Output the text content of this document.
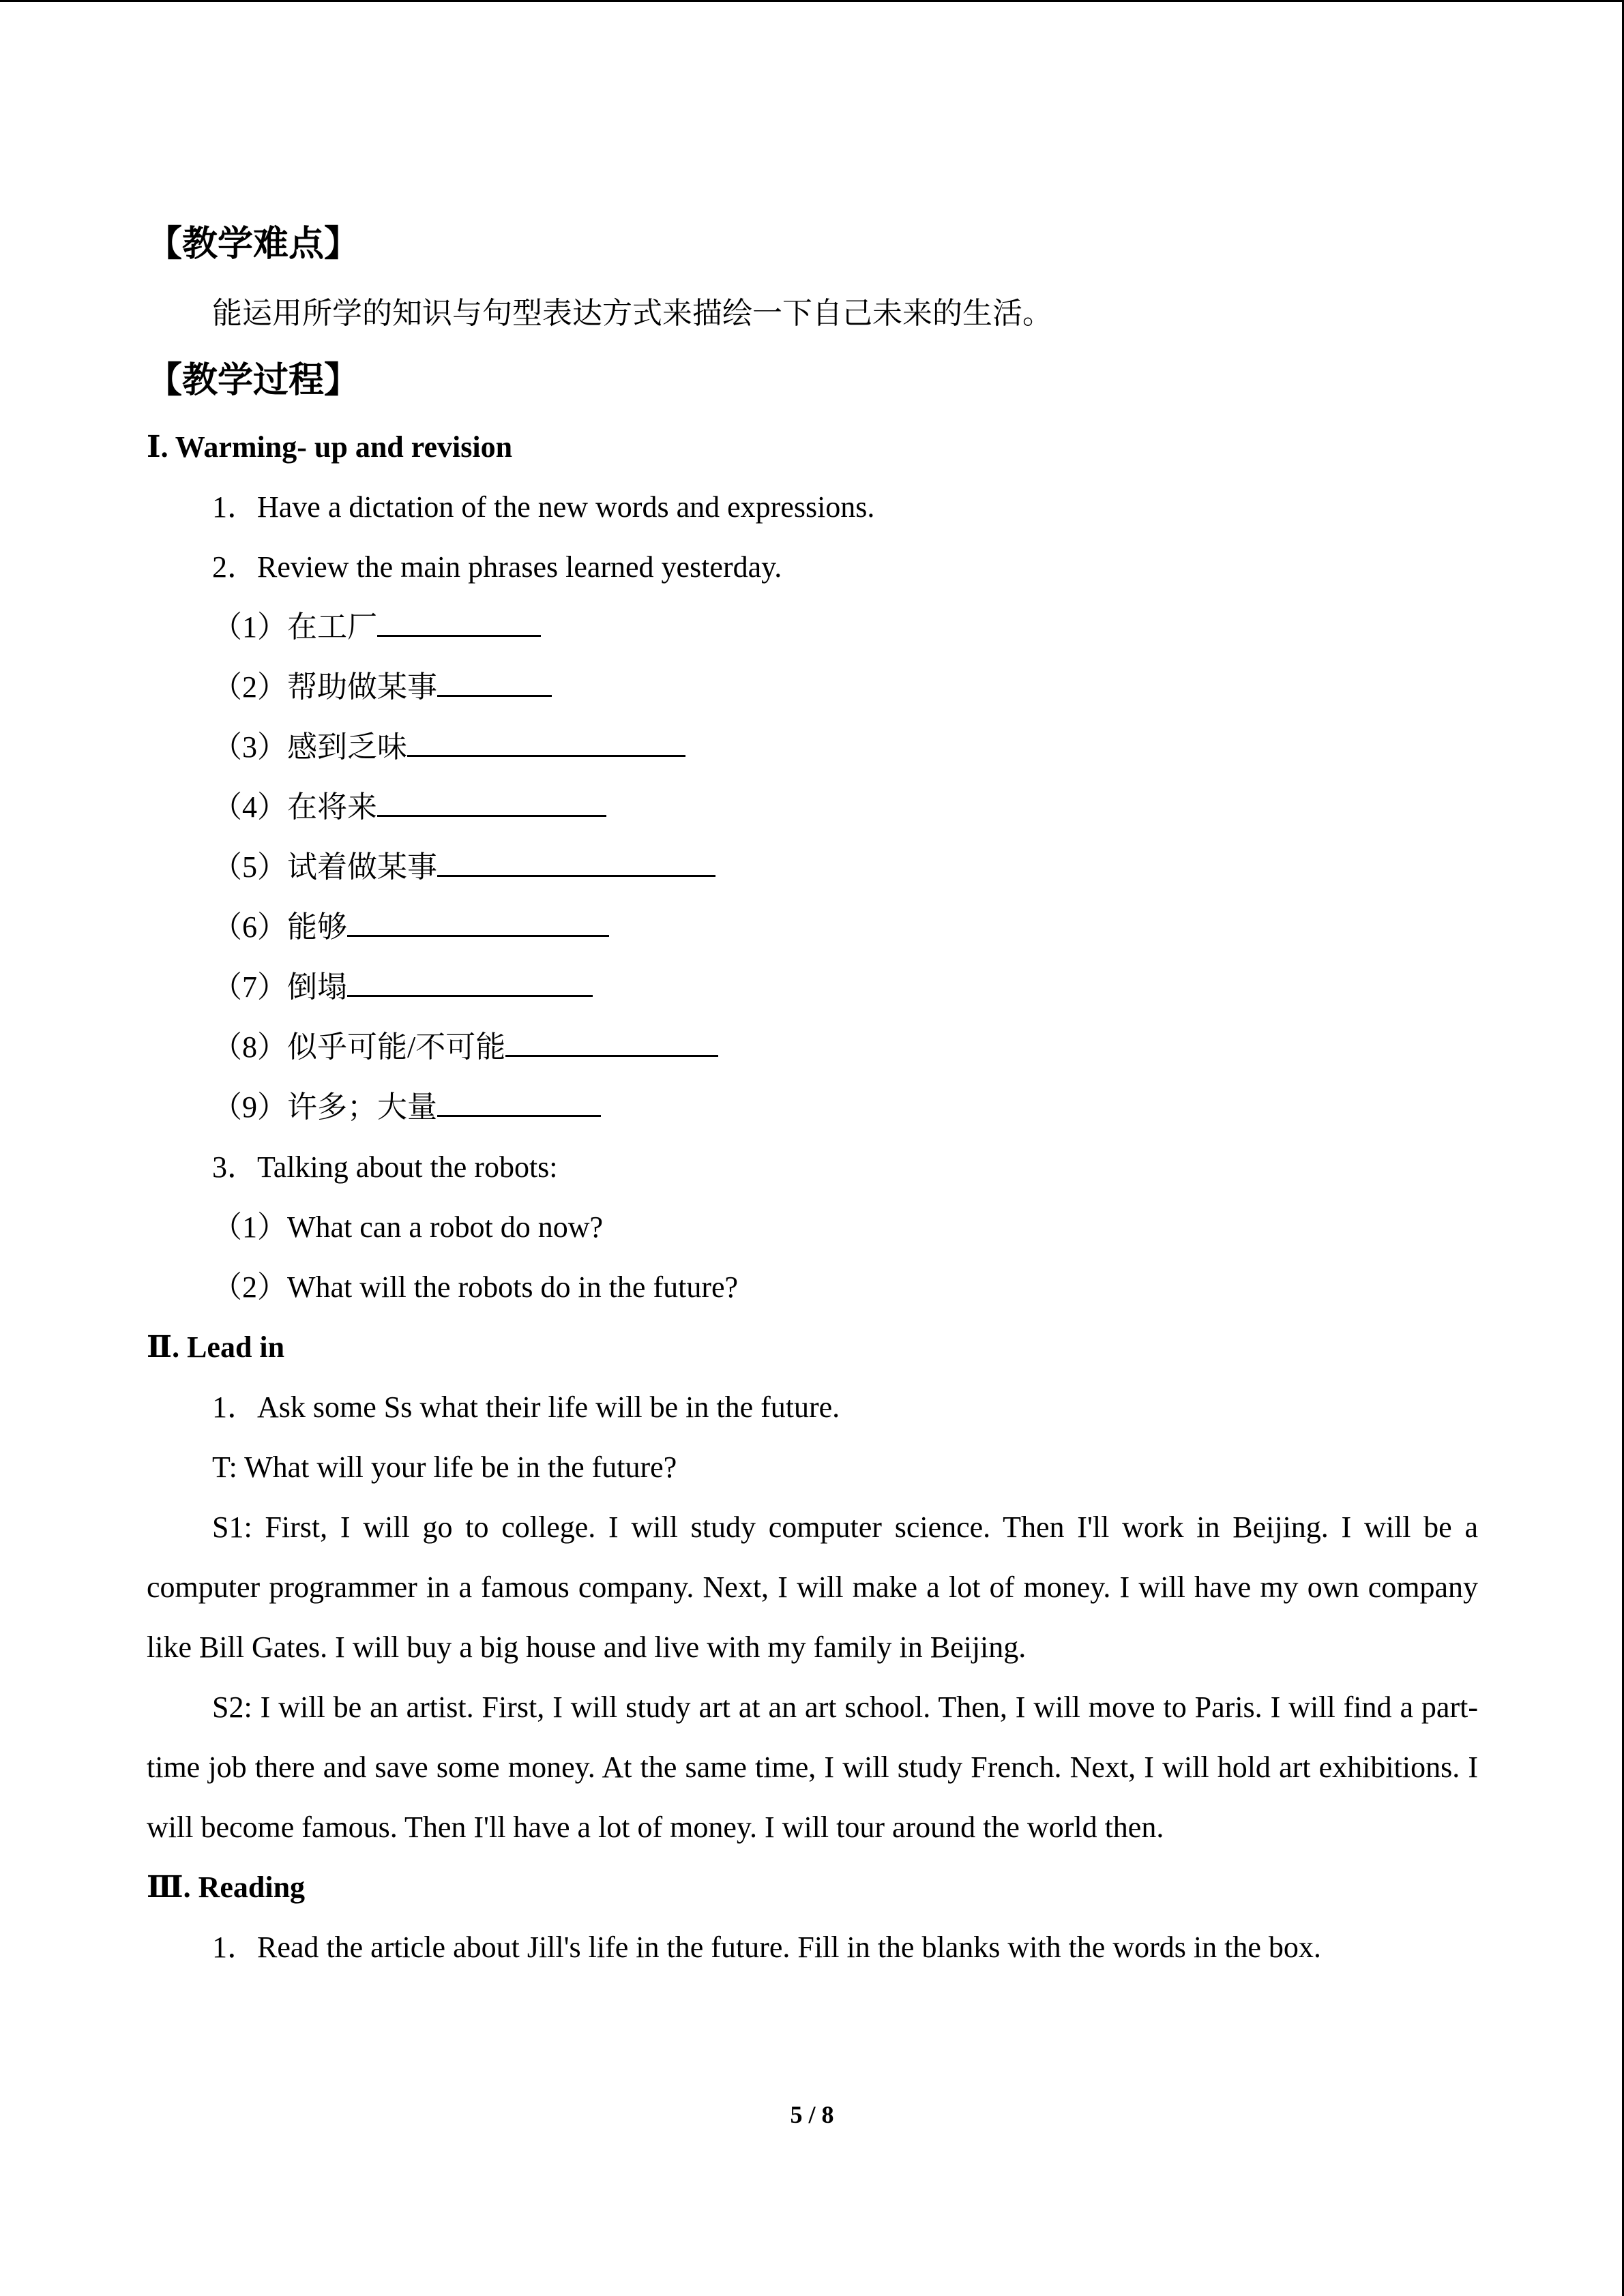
【教学难点】

能运用所学的知识与句型表达方式来描绘一下自己未来的生活。

【教学过程】

Ⅰ. Warming- up and revision

1．Have a dictation of the new words and expressions.

2．Review the main phrases learned yesterday.

（1）在工厂

（2）帮助做某事

（3）感到乏味

（4）在将来

（5）试着做某事

（6）能够

（7）倒塌

（8）似乎可能/不可能

（9）许多；大量

3．Talking about the robots:

（1）What can a robot do now?

（2）What will the robots do in the future?

Ⅱ. Lead in

1．Ask some Ss what their life will be in the future.

T: What will your life be in the future?

S1: First, I will go to college. I will study computer science. Then I'll work in Beijing. I will be a computer programmer in a famous company. Next, I will make a lot of money. I will have my own company like Bill Gates. I will buy a big house and live with my family in Beijing.

S2: I will be an artist. First, I will study art at an art school. Then, I will move to Paris. I will find a part-time job there and save some money. At the same time, I will study French. Next, I will hold art exhibitions. I will become famous. Then I'll have a lot of money. I will tour around the world then.

Ⅲ. Reading

1．Read the article about Jill's life in the future. Fill in the blanks with the words in the box.

5 / 8
